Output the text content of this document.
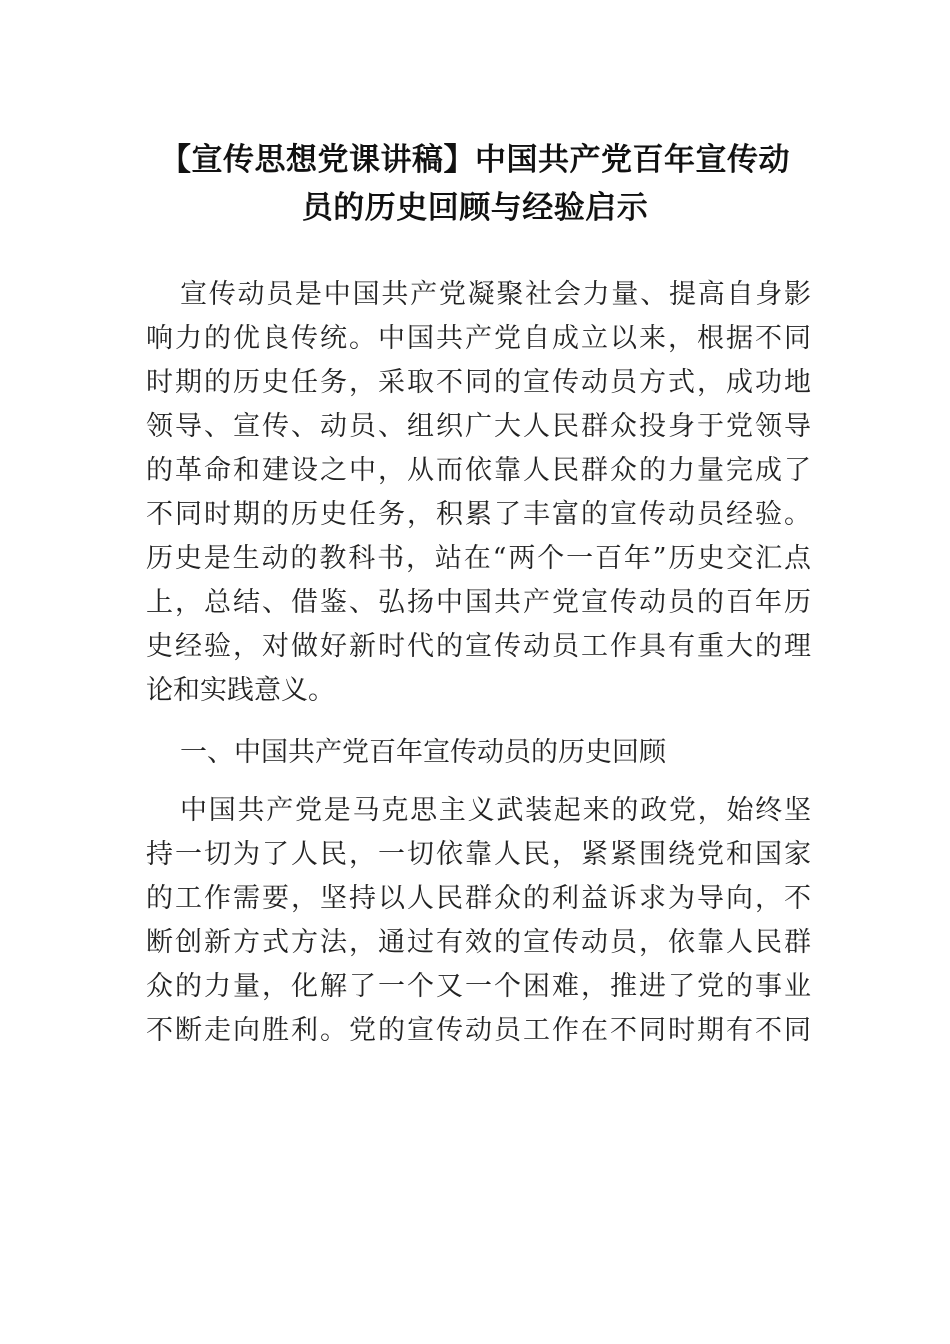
【宣传思想党课讲稿】中国共产党百年宣传动
员的历史回顾与经验启示

宣传动员是中国共产党凝聚社会力量、提高自身影

响力的优良传统。中国共产党自成立以来，根据不同

时期的历史任务，采取不同的宣传动员方式，成功地

领导、宣传、动员、组织广大人民群众投身于党领导

的革命和建设之中，从而依靠人民群众的力量完成了

不同时期的历史任务，积累了丰富的宣传动员经验。

历史是生动的教科书，站在“两个一百年”历史交汇点

上，总结、借鉴、弘扬中国共产党宣传动员的百年历

史经验，对做好新时代的宣传动员工作具有重大的理

论和实践意义。

一、中国共产党百年宣传动员的历史回顾

中国共产党是马克思主义武装起来的政党，始终坚

持一切为了人民，一切依靠人民，紧紧围绕党和国家

的工作需要，坚持以人民群众的利益诉求为导向，不

断创新方式方法，通过有效的宣传动员，依靠人民群

众的力量，化解了一个又一个困难，推进了党的事业

不断走向胜利。党的宣传动员工作在不同时期有不同
